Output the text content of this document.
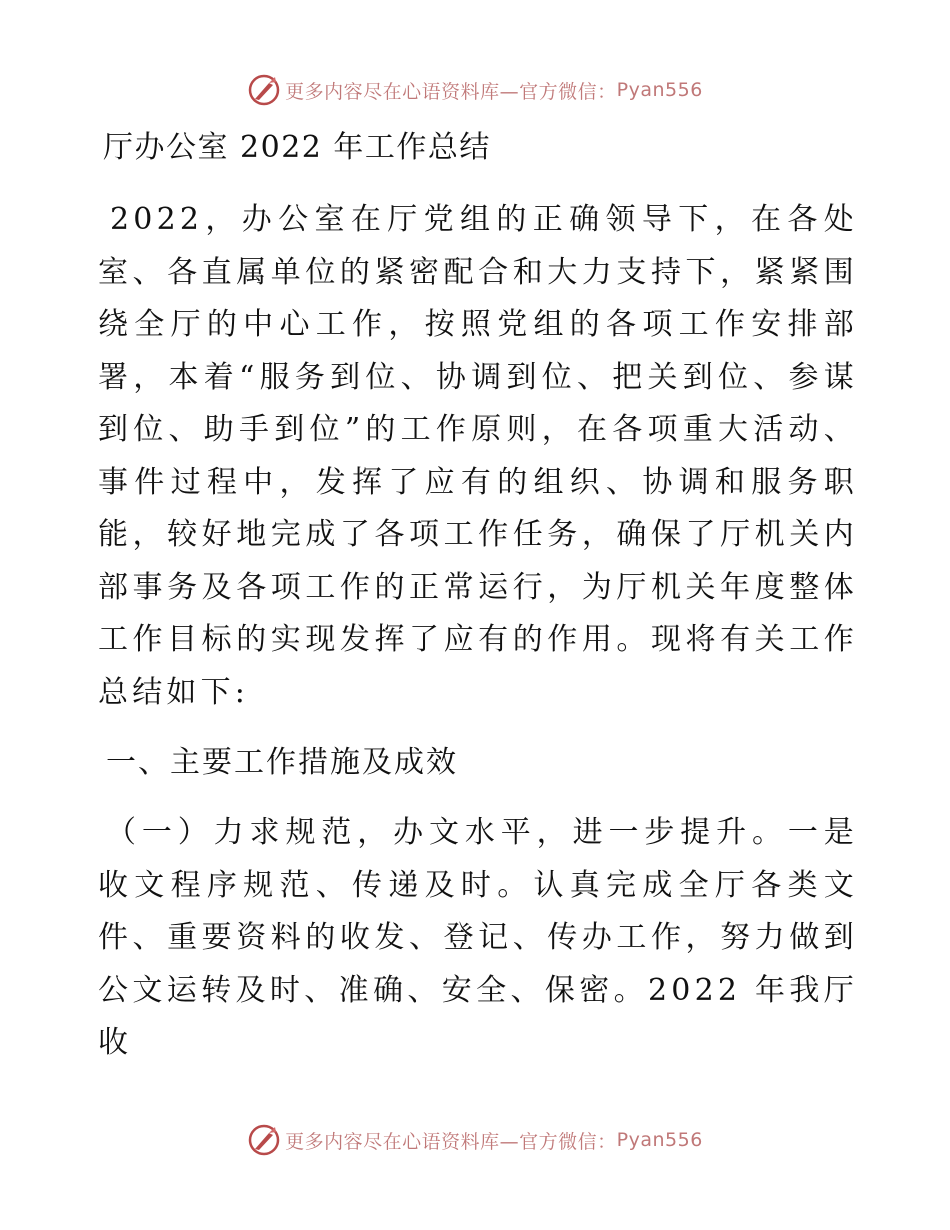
更多内容尽在心语资料库—官方微信： Pyan556
厅办公室 2022 年工作总结

2022，办公室在厅党组的正确领导下，在各处室、各直属单位的紧密配合和大力支持下，紧紧围绕全厅的中心工作，按照党组的各项工作安排部署，本着“服务到位、协调到位、把关到位、参谋到位、助手到位”的工作原则，在各项重大活动、事件过程中，发挥了应有的组织、协调和服务职能，较好地完成了各项工作任务，确保了厅机关内部事务及各项工作的正常运行，为厅机关年度整体工作目标的实现发挥了应有的作用。现将有关工作总结如下:

一、主要工作措施及成效

（一）力求规范，办文水平，进一步提升。一是收文程序规范、传递及时。认真完成全厅各类文件、重要资料的收发、登记、传办工作，努力做到公文运转及时、准确、安全、保密。2022 年我厅收

更多内容尽在心语资料库—官方微信： Pyan556
